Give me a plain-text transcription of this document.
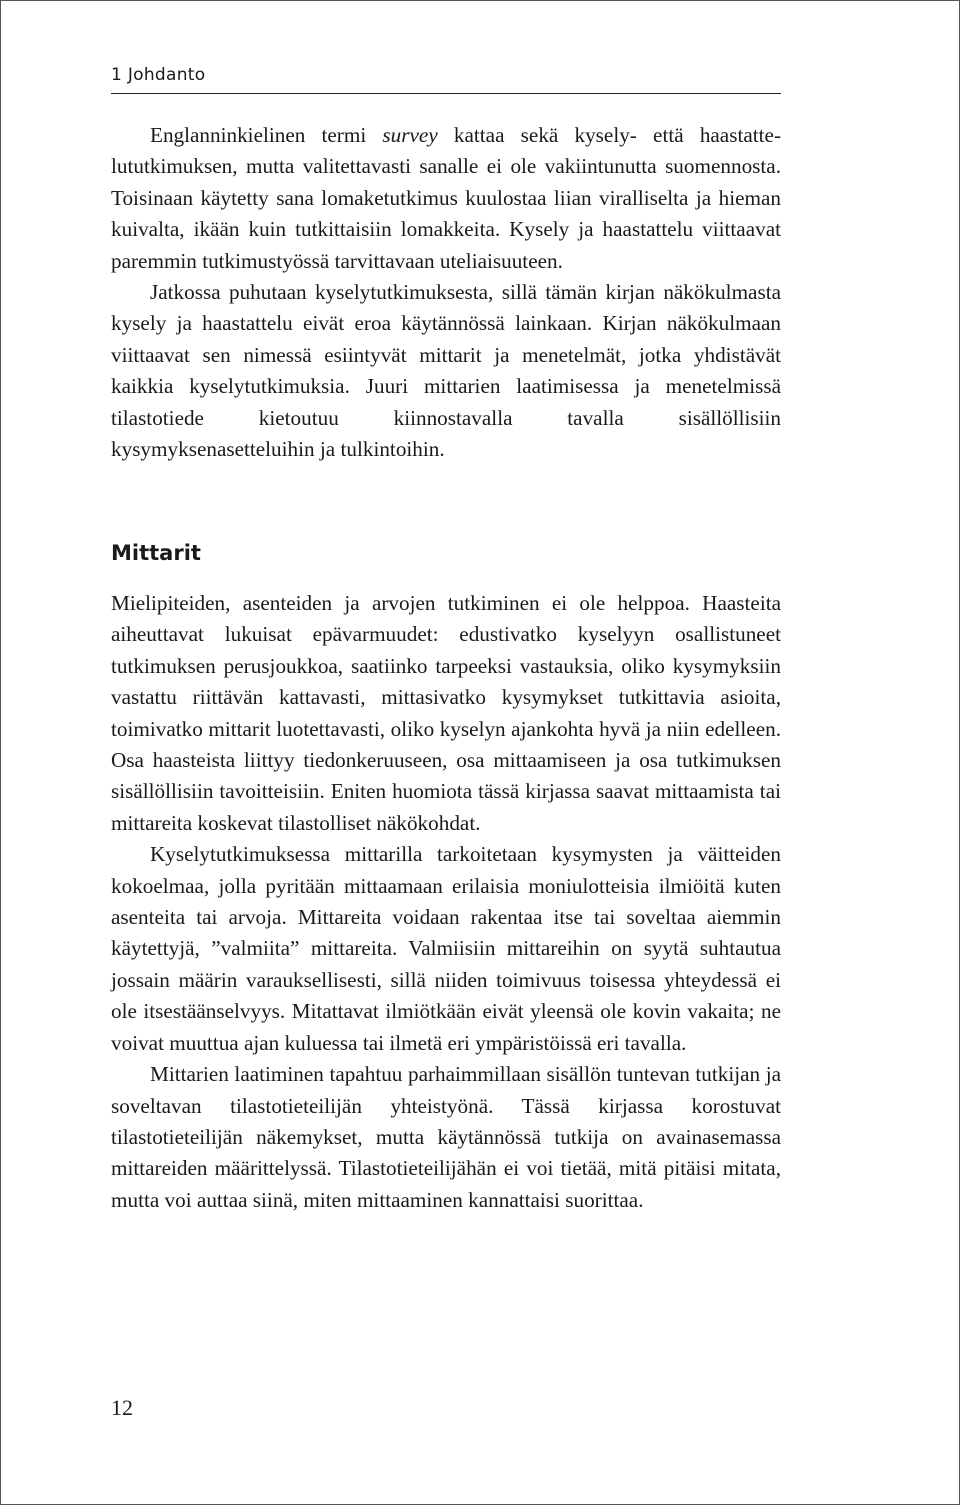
1 Johdanto

Englanninkielinen termi survey kattaa sekä kysely- että haastattelututkimuksen, mutta valitettavasti sanalle ei ole vakiintunutta suomennosta. Toisinaan käytetty sana lomaketutkimus kuulostaa liian viralliselta ja hieman kuivalta, ikään kuin tutkittaisiin lomakkeita. Kysely ja haastattelu viittaavat paremmin tutkimustyössä tarvittavaan uteliaisuuteen.

Jatkossa puhutaan kyselytutkimuksesta, sillä tämän kirjan näkökulmasta kysely ja haastattelu eivät eroa käytännössä lainkaan. Kirjan näkökulmaan viittaavat sen nimessä esiintyvät mittarit ja menetelmät, jotka yhdistävät kaikkia kyselytutkimuksia. Juuri mittarien laatimisessa ja menetelmissä tilastotiede kietoutuu kiinnostavalla tavalla sisällöllisiin kysymyksenasetteluihin ja tulkintoihin.

Mittarit

Mielipiteiden, asenteiden ja arvojen tutkiminen ei ole helppoa. Haasteita aiheuttavat lukuisat epävarmuudet: edustivatko kyselyyn osallistuneet tutkimuksen perusjoukkoa, saatiinko tarpeeksi vastauksia, oliko kysymyksiin vastattu riittävän kattavasti, mittasivatko kysymykset tutkittavia asioita, toimivatko mittarit luotettavasti, oliko kyselyn ajankohta hyvä ja niin edelleen. Osa haasteista liittyy tiedonkeruuseen, osa mittaamiseen ja osa tutkimuksen sisällöllisiin tavoitteisiin. Eniten huomiota tässä kirjassa saavat mittaamista tai mittareita koskevat tilastolliset näkökohdat.

Kyselytutkimuksessa mittarilla tarkoitetaan kysymysten ja väitteiden kokoelmaa, jolla pyritään mittaamaan erilaisia moniulotteisia ilmiöitä kuten asenteita tai arvoja. Mittareita voidaan rakentaa itse tai soveltaa aiemmin käytettyjä, ”valmiita” mittareita. Valmiisiin mittareihin on syytä suhtautua jossain määrin varauksellisesti, sillä niiden toimivuus toisessa yhteydessä ei ole itsestäänselvyys. Mitattavat ilmiötkään eivät yleensä ole kovin vakaita; ne voivat muuttua ajan kuluessa tai ilmetä eri ympäristöissä eri tavalla.

Mittarien laatiminen tapahtuu parhaimmillaan sisällön tuntevan tutkijan ja soveltavan tilastotieteilijän yhteistyönä. Tässä kirjassa korostuvat tilastotieteilijän näkemykset, mutta käytännössä tutkija on avainasemassa mittareiden määrittelyssä. Tilastotieteilijähän ei voi tietää, mitä pitäisi mitata, mutta voi auttaa siinä, miten mittaaminen kannattaisi suorittaa.

12
